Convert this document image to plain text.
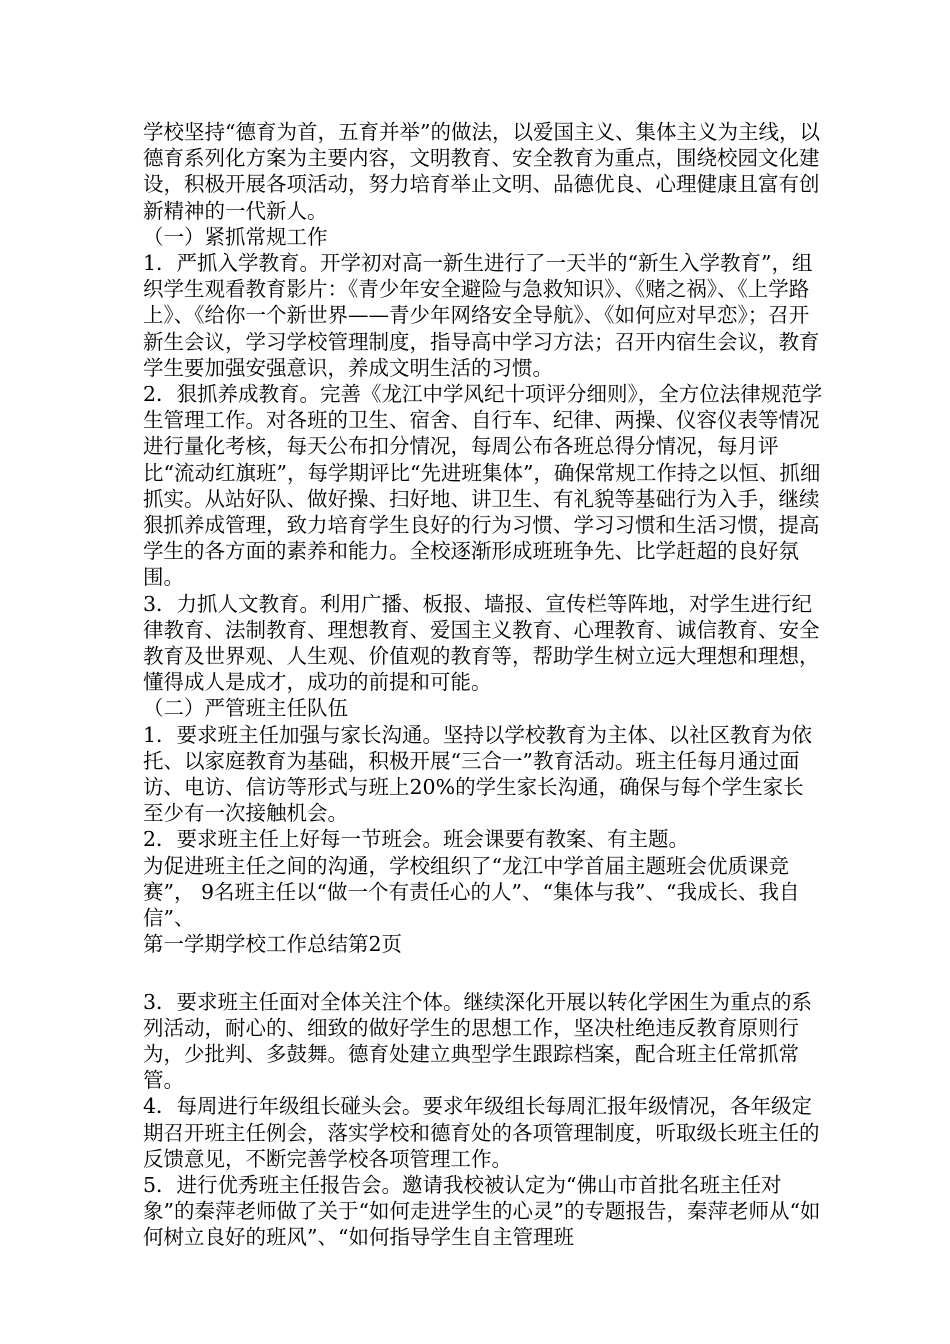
学校坚持“德育为首，五育并举”的做法，以爱国主义、集体主义为主线，以德育系列化方案为主要内容，文明教育、安全教育为重点，围绕校园文化建设，积极开展各项活动，努力培育举止文明、品德优良、心理健康且富有创新精神的一代新人。

（一）紧抓常规工作

1．严抓入学教育。开学初对高一新生进行了一天半的“新生入学教育”，组织学生观看教育影片：《青少年安全避险与急救知识》、《赌之祸》、《上学路上》、《给你一个新世界——青少年网络安全导航》、《如何应对早恋》；召开新生会议，学习学校管理制度，指导高中学习方法；召开内宿生会议，教育学生要加强安强意识，养成文明生活的习惯。

2．狠抓养成教育。完善《龙江中学风纪十项评分细则》，全方位法律规范学生管理工作。对各班的卫生、宿舍、自行车、纪律、两操、仪容仪表等情况进行量化考核，每天公布扣分情况，每周公布各班总得分情况，每月评比“流动红旗班”，每学期评比“先进班集体”，确保常规工作持之以恒、抓细抓实。从站好队、做好操、扫好地、讲卫生、有礼貌等基础行为入手，继续狠抓养成管理，致力培育学生良好的行为习惯、学习习惯和生活习惯，提高学生的各方面的素养和能力。全校逐渐形成班班争先、比学赶超的良好氛围。

3．力抓人文教育。利用广播、板报、墙报、宣传栏等阵地，对学生进行纪律教育、法制教育、理想教育、爱国主义教育、心理教育、诚信教育、安全教育及世界观、人生观、价值观的教育等，帮助学生树立远大理想和理想，懂得成人是成才，成功的前提和可能。

（二）严管班主任队伍

1．要求班主任加强与家长沟通。坚持以学校教育为主体、以社区教育为依托、以家庭教育为基础，积极开展“三合一”教育活动。班主任每月通过面访、电访、信访等形式与班上20%的学生家长沟通，确保与每个学生家长至少有一次接触机会。

2．要求班主任上好每一节班会。班会课要有教案、有主题。

为促进班主任之间的沟通，学校组织了“龙江中学首届主题班会优质课竞赛”， 9名班主任以“做一个有责任心的人”、“集体与我”、“我成长、我自信”、

第一学期学校工作总结第2页

3．要求班主任面对全体关注个体。继续深化开展以转化学困生为重点的系列活动，耐心的、细致的做好学生的思想工作，坚决杜绝违反教育原则行为，少批判、多鼓舞。德育处建立典型学生跟踪档案，配合班主任常抓常管。

4．每周进行年级组长碰头会。要求年级组长每周汇报年级情况，各年级定期召开班主任例会，落实学校和德育处的各项管理制度，听取级长班主任的反馈意见，不断完善学校各项管理工作。

5．进行优秀班主任报告会。邀请我校被认定为“佛山市首批名班主任对象”的秦萍老师做了关于“如何走进学生的心灵”的专题报告，秦萍老师从“如何树立良好的班风”、“如何指导学生自主管理班
